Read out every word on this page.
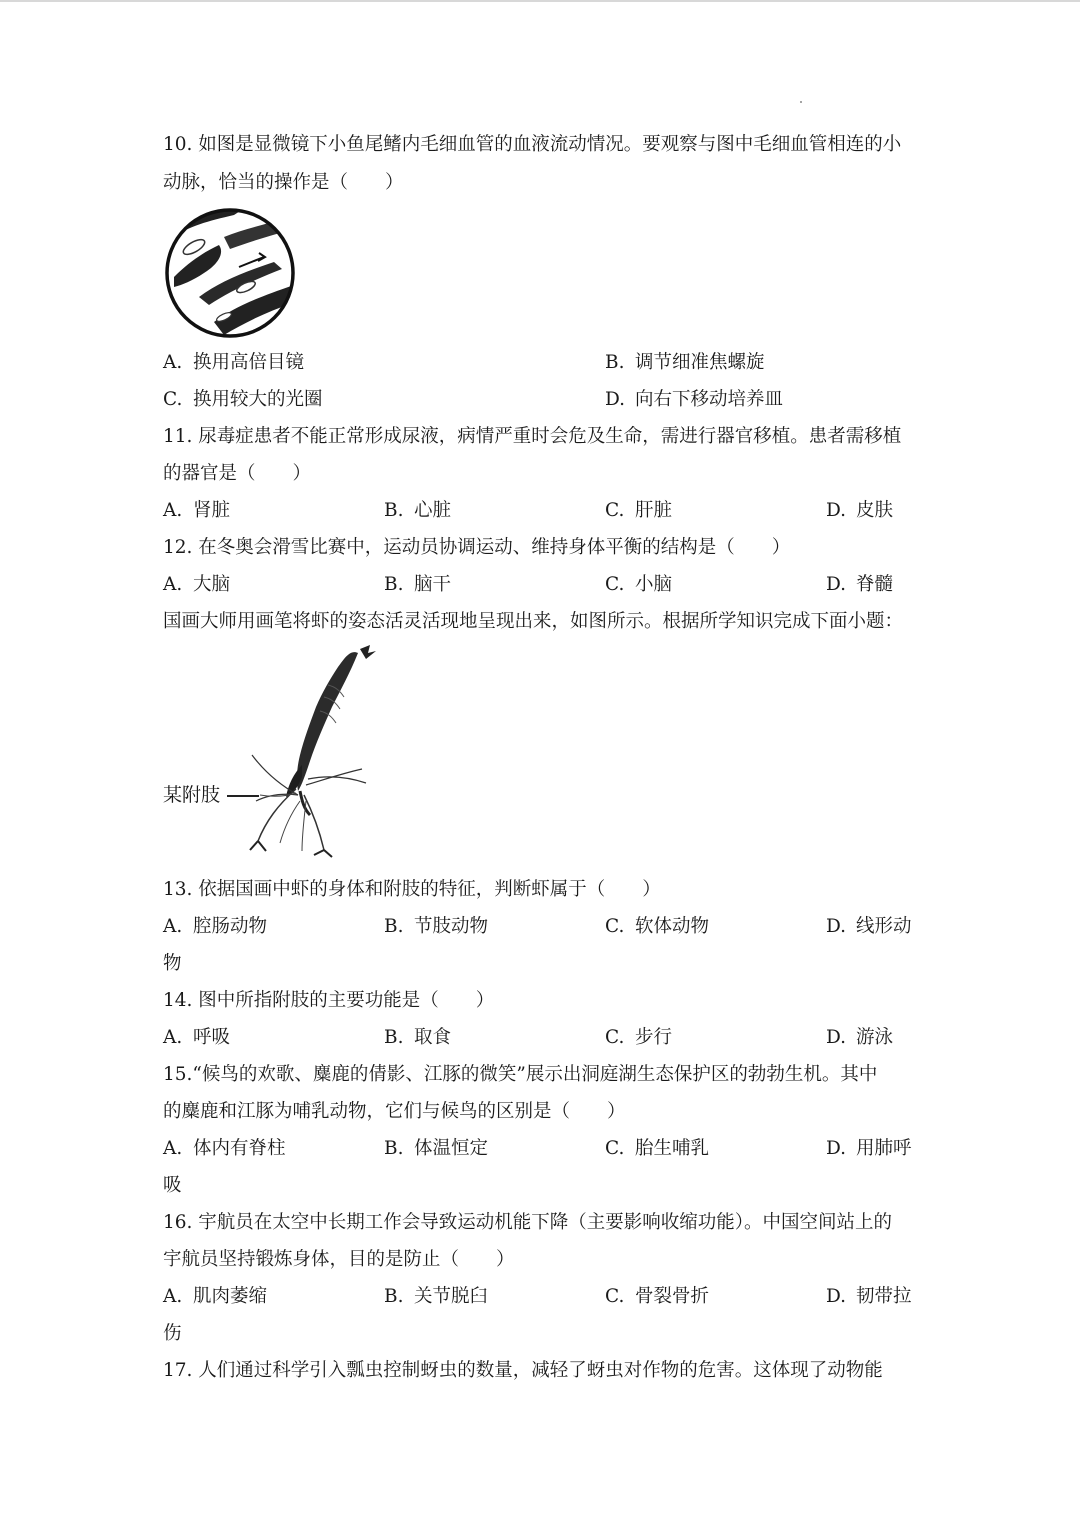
10. 如图是显微镜下小鱼尾鳍内毛细血管的血液流动情况。要观察与图中毛细血管相连的小
动脉，恰当的操作是（　　）
A. 换用高倍目镜	B. 调节细准焦螺旋
C. 换用较大的光圈	D. 向右下移动培养皿
11. 尿毒症患者不能正常形成尿液，病情严重时会危及生命，需进行器官移植。患者需移植
的器官是（　　）
A. 肾脏	B. 心脏	C. 肝脏	D. 皮肤
12. 在冬奥会滑雪比赛中，运动员协调运动、维持身体平衡的结构是（　　）
A. 大脑	B. 脑干	C. 小脑	D. 脊髓
国画大师用画笔将虾的姿态活灵活现地呈现出来，如图所示。根据所学知识完成下面小题：
某附肢
13. 依据国画中虾的身体和附肢的特征，判断虾属于（　　）
A. 腔肠动物	B. 节肢动物	C. 软体动物	D. 线形动
物
14. 图中所指附肢的主要功能是（　　）
A. 呼吸	B. 取食	C. 步行	D. 游泳
15.“候鸟的欢歌、麋鹿的倩影、江豚的微笑”展示出洞庭湖生态保护区的勃勃生机。其中
的麋鹿和江豚为哺乳动物，它们与候鸟的区别是（　　）
A. 体内有脊柱	B. 体温恒定	C. 胎生哺乳	D. 用肺呼
吸
16. 宇航员在太空中长期工作会导致运动机能下降（主要影响收缩功能）。中国空间站上的
宇航员坚持锻炼身体，目的是防止（　　）
A. 肌肉萎缩	B. 关节脱臼	C. 骨裂骨折	D. 韧带拉
伤
17. 人们通过科学引入瓢虫控制蚜虫的数量，减轻了蚜虫对作物的危害。这体现了动物能
